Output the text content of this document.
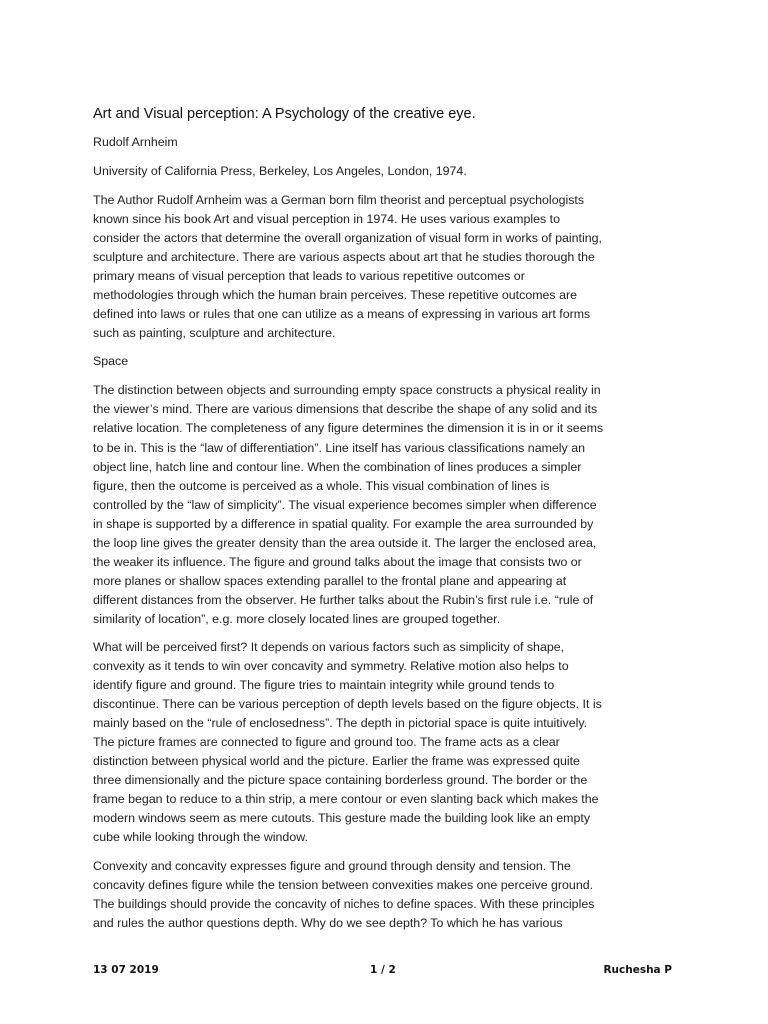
Art and Visual perception: A Psychology of the creative eye.
Rudolf Arnheim
University of California Press, Berkeley, Los Angeles, London, 1974.
The Author Rudolf Arnheim was a German born film theorist and perceptual psychologists
known since his book Art and visual perception in 1974. He uses various examples to
consider the actors that determine the overall organization of visual form in works of painting,
sculpture and architecture. There are various aspects about art that he studies thorough the
primary means of visual perception that leads to various repetitive outcomes or
methodologies through which the human brain perceives. These repetitive outcomes are
defined into laws or rules that one can utilize as a means of expressing in various art forms
such as painting, sculpture and architecture.
Space
The distinction between objects and surrounding empty space constructs a physical reality in
the viewer’s mind. There are various dimensions that describe the shape of any solid and its
relative location. The completeness of any figure determines the dimension it is in or it seems
to be in. This is the “law of differentiation”. Line itself has various classifications namely an
object line, hatch line and contour line. When the combination of lines produces a simpler
figure, then the outcome is perceived as a whole. This visual combination of lines is
controlled by the “law of simplicity”. The visual experience becomes simpler when difference
in shape is supported by a difference in spatial quality. For example the area surrounded by
the loop line gives the greater density than the area outside it. The larger the enclosed area,
the weaker its influence. The figure and ground talks about the image that consists two or
more planes or shallow spaces extending parallel to the frontal plane and appearing at
different distances from the observer. He further talks about the Rubin’s first rule i.e. “rule of
similarity of location”, e.g. more closely located lines are grouped together.
What will be perceived first? It depends on various factors such as simplicity of shape,
convexity as it tends to win over concavity and symmetry. Relative motion also helps to
identify figure and ground. The figure tries to maintain integrity while ground tends to
discontinue. There can be various perception of depth levels based on the figure objects. It is
mainly based on the “rule of enclosedness”. The depth in pictorial space is quite intuitively.
The picture frames are connected to figure and ground too. The frame acts as a clear
distinction between physical world and the picture. Earlier the frame was expressed quite
three dimensionally and the picture space containing borderless ground. The border or the
frame began to reduce to a thin strip, a mere contour or even slanting back which makes the
modern windows seem as mere cutouts. This gesture made the building look like an empty
cube while looking through the window.
Convexity and concavity expresses figure and ground through density and tension. The
concavity defines figure while the tension between convexities makes one perceive ground.
The buildings should provide the concavity of niches to define spaces. With these principles
and rules the author questions depth. Why do we see depth? To which he has various
13 07 2019	1 / 2	Ruchesha P
